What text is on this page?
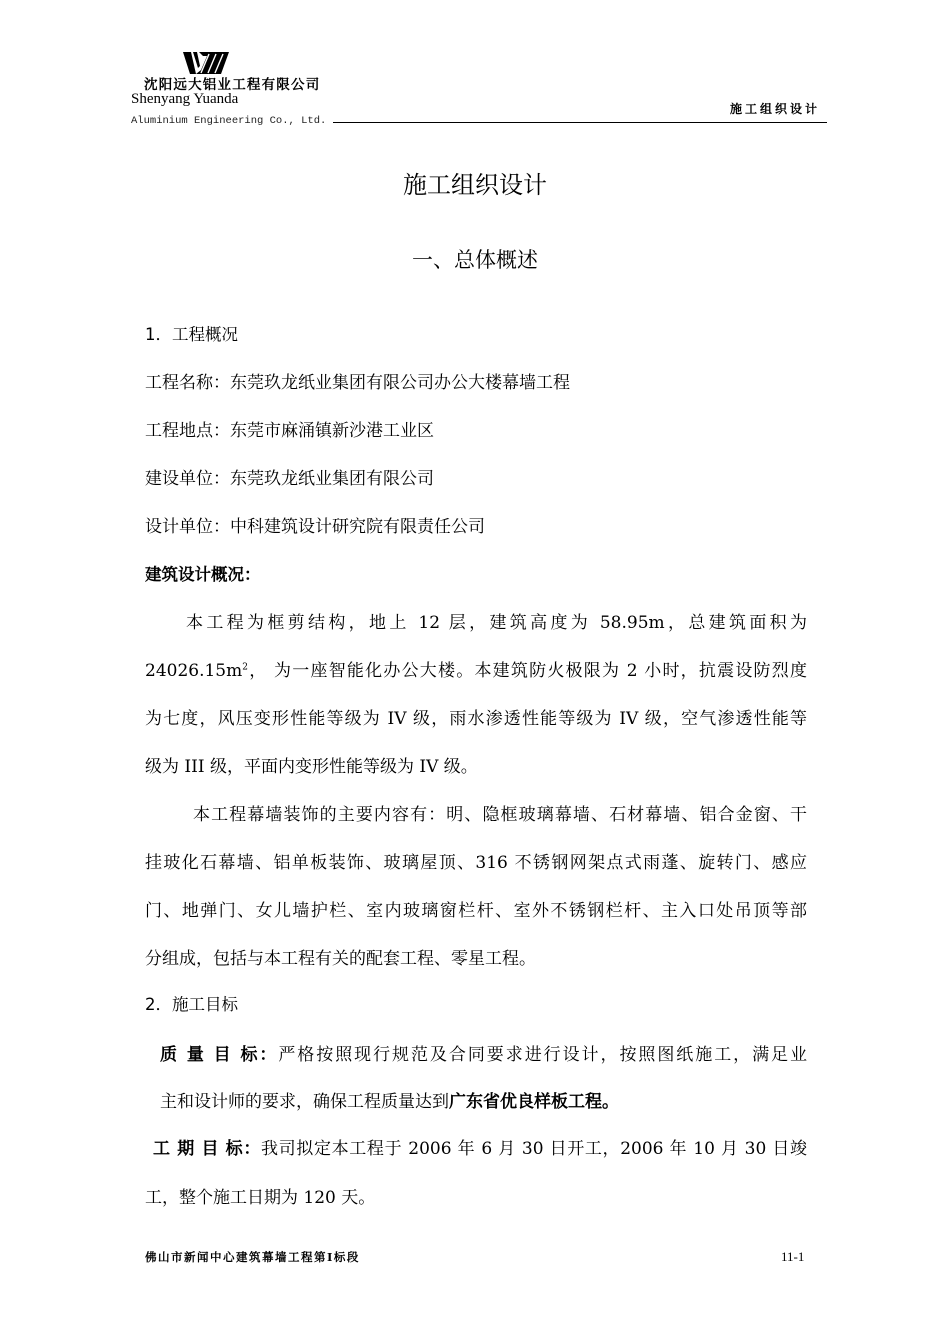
沈阳远大铝业工程有限公司
Shenyang Yuanda
Aluminium Engineering Co., Ltd.
施工组织设计
施工组织设计
一、总体概述
1．工程概况
工程名称：东莞玖龙纸业集团有限公司办公大楼幕墙工程
工程地点：东莞市麻涌镇新沙港工业区
建设单位：东莞玖龙纸业集团有限公司
设计单位：中科建筑设计研究院有限责任公司
建筑设计概况：
本工程为框剪结构，地上 12 层，建筑高度为 58.95m，总建筑面积为
$24026.15m^2$， 为一座智能化办公大楼。本建筑防火极限为 2 小时，抗震设防烈度
为七度，风压变形性能等级为 IV 级，雨水渗透性能等级为 IV 级，空气渗透性能等
级为 III 级，平面内变形性能等级为 IV 级。
本工程幕墙装饰的主要内容有：明、隐框玻璃幕墙、石材幕墙、铝合金窗、干
挂玻化石幕墙、铝单板装饰、玻璃屋顶、316 不锈钢网架点式雨蓬、旋转门、感应
门、地弹门、女儿墙护栏、室内玻璃窗栏杆、室外不锈钢栏杆、主入口处吊顶等部
分组成，包括与本工程有关的配套工程、零星工程。
2．施工目标
质 量 目 标：严格按照现行规范及合同要求进行设计，按照图纸施工，满足业
主和设计师的要求，确保工程质量达到广东省优良样板工程。
工 期 目 标：我司拟定本工程于 2006 年 6 月 30 日开工，2006 年 10 月 30 日竣
工，整个施工日期为 120 天。
佛山市新闻中心建筑幕墙工程第Ⅰ标段	11-1
